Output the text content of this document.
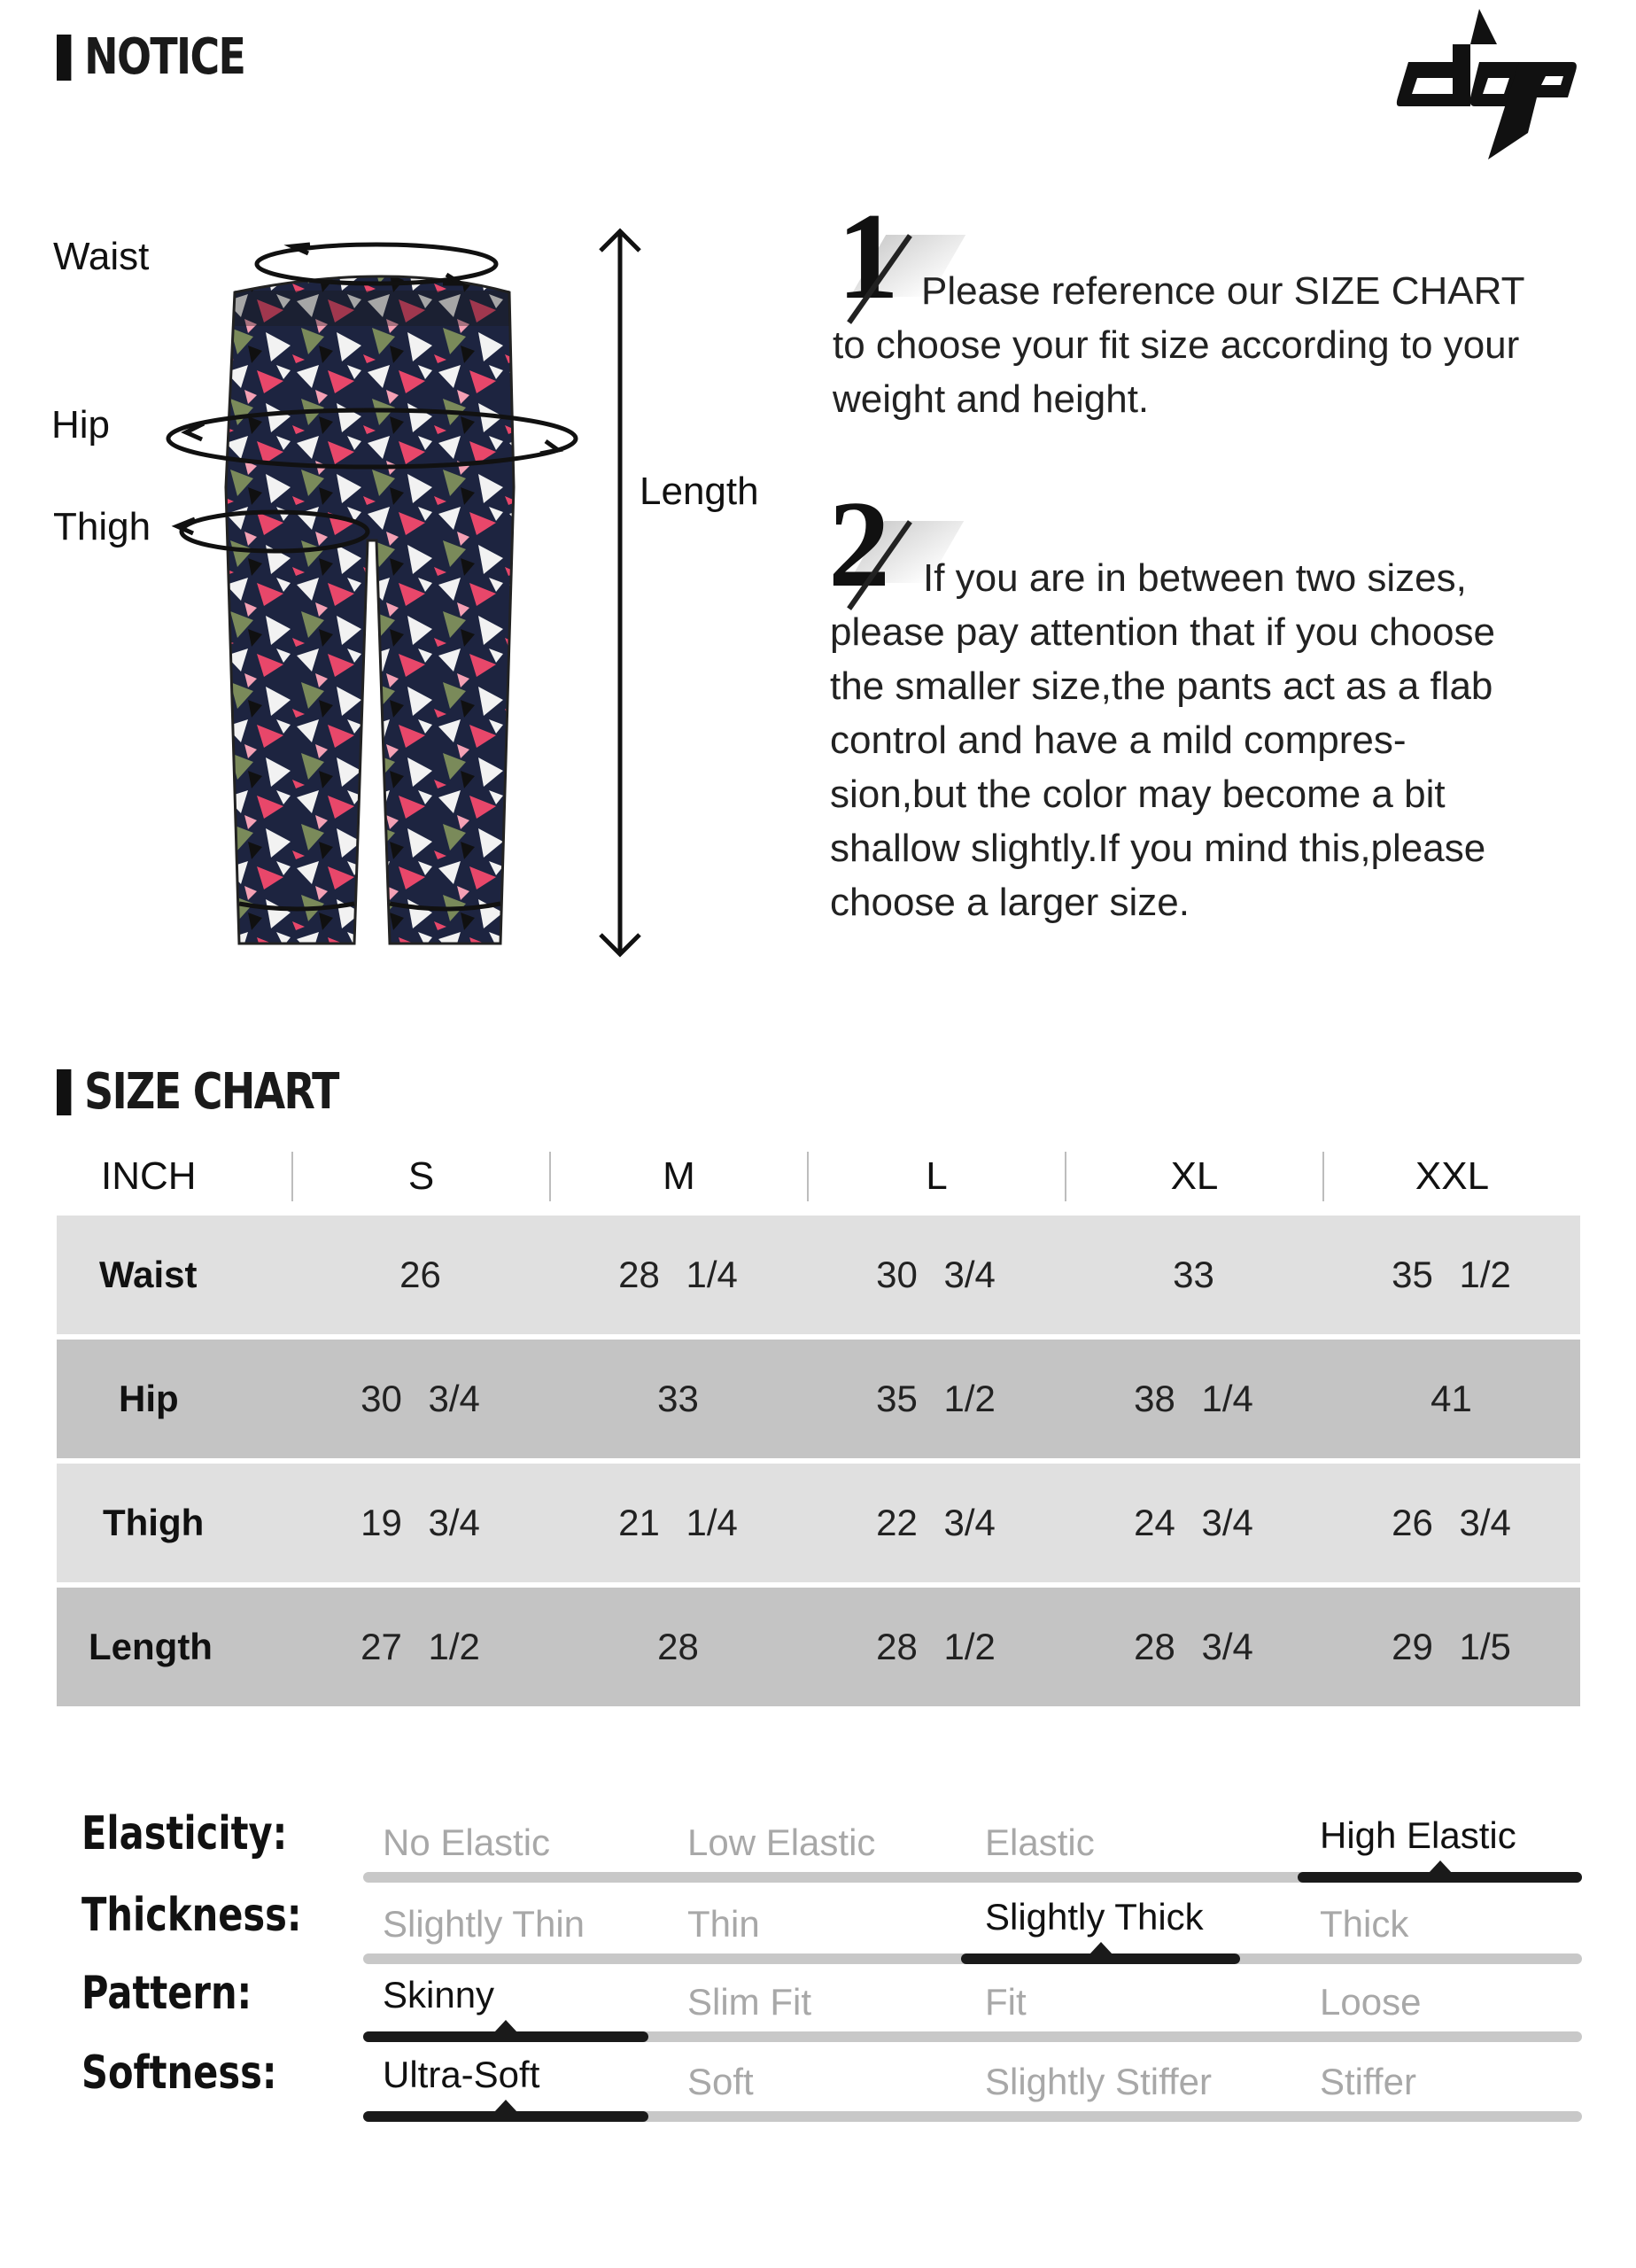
NOTICE
Waist
Hip
Thigh
Length
1 Please reference our SIZE CHART
to choose your fit size according to your
weight and height.
2 If you are in between two sizes,
please pay attention that if you choose
the smaller size,the pants act as a flab
control and have a mild compres-
sion,but the color may become a bit
shallow slightly.If you mind this,please
choose a larger size.
SIZE CHART
INCH	S	M	L	XL	XXL
Waist	26	28 1/4	30 3/4	33	35 1/2
Hip	30 3/4	33	35 1/2	38 1/4	41
Thigh	19 3/4	21 1/4	22 3/4	24 3/4	26 3/4
Length	27 1/2	28	28 1/2	28 3/4	29 1/5
Elasticity:	No Elastic	Low Elastic	Elastic	High Elastic
Thickness: Slightly Thin	Thin	Slightly Thick	Thick
Pattern:	Skinny	Slim Fit	Fit	Loose
Softness:	Ultra-Soft	Soft	Slightly Stiffer	Stiffer
